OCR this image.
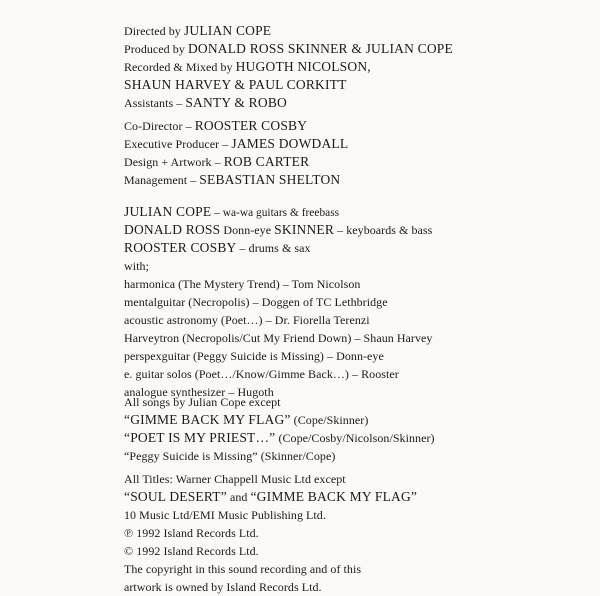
Directed by JULIAN COPE
Produced by DONALD ROSS SKINNER & JULIAN COPE
Recorded & Mixed by HUGOTH NICOLSON,
SHAUN HARVEY & PAUL CORKITT
Assistants – SANTY & ROBO
Co-Director – ROOSTER COSBY
Executive Producer – JAMES DOWDALL
Design + Artwork – ROB CARTER
Management – SEBASTIAN SHELTON
JULIAN COPE – wa-wa guitars & freebass
DONALD ROSS Donn-eye SKINNER – keyboards & bass
ROOSTER COSBY – drums & sax
with;
harmonica (The Mystery Trend) – Tom Nicolson
mentalguitar (Necropolis) – Doggen of TC Lethbridge
acoustic astronomy (Poet…) – Dr. Fiorella Terenzi
Harveytron (Necropolis/Cut My Friend Down) – Shaun Harvey
perspexguitar (Peggy Suicide is Missing) – Donn-eye
e. guitar solos (Poet…/Know/Gimme Back…) – Rooster
analogue synthesizer – Hugoth
All songs by Julian Cope except
“GIMME BACK MY FLAG” (Cope/Skinner)
“POET IS MY PRIEST…” (Cope/Cosby/Nicolson/Skinner)
“Peggy Suicide is Missing” (Skinner/Cope)
All Titles: Warner Chappell Music Ltd except
“SOUL DESERT” and “GIMME BACK MY FLAG”
10 Music Ltd/EMI Music Publishing Ltd.
℗ 1992 Island Records Ltd.
© 1992 Island Records Ltd.
The copyright in this sound recording and of this
artwork is owned by Island Records Ltd.
